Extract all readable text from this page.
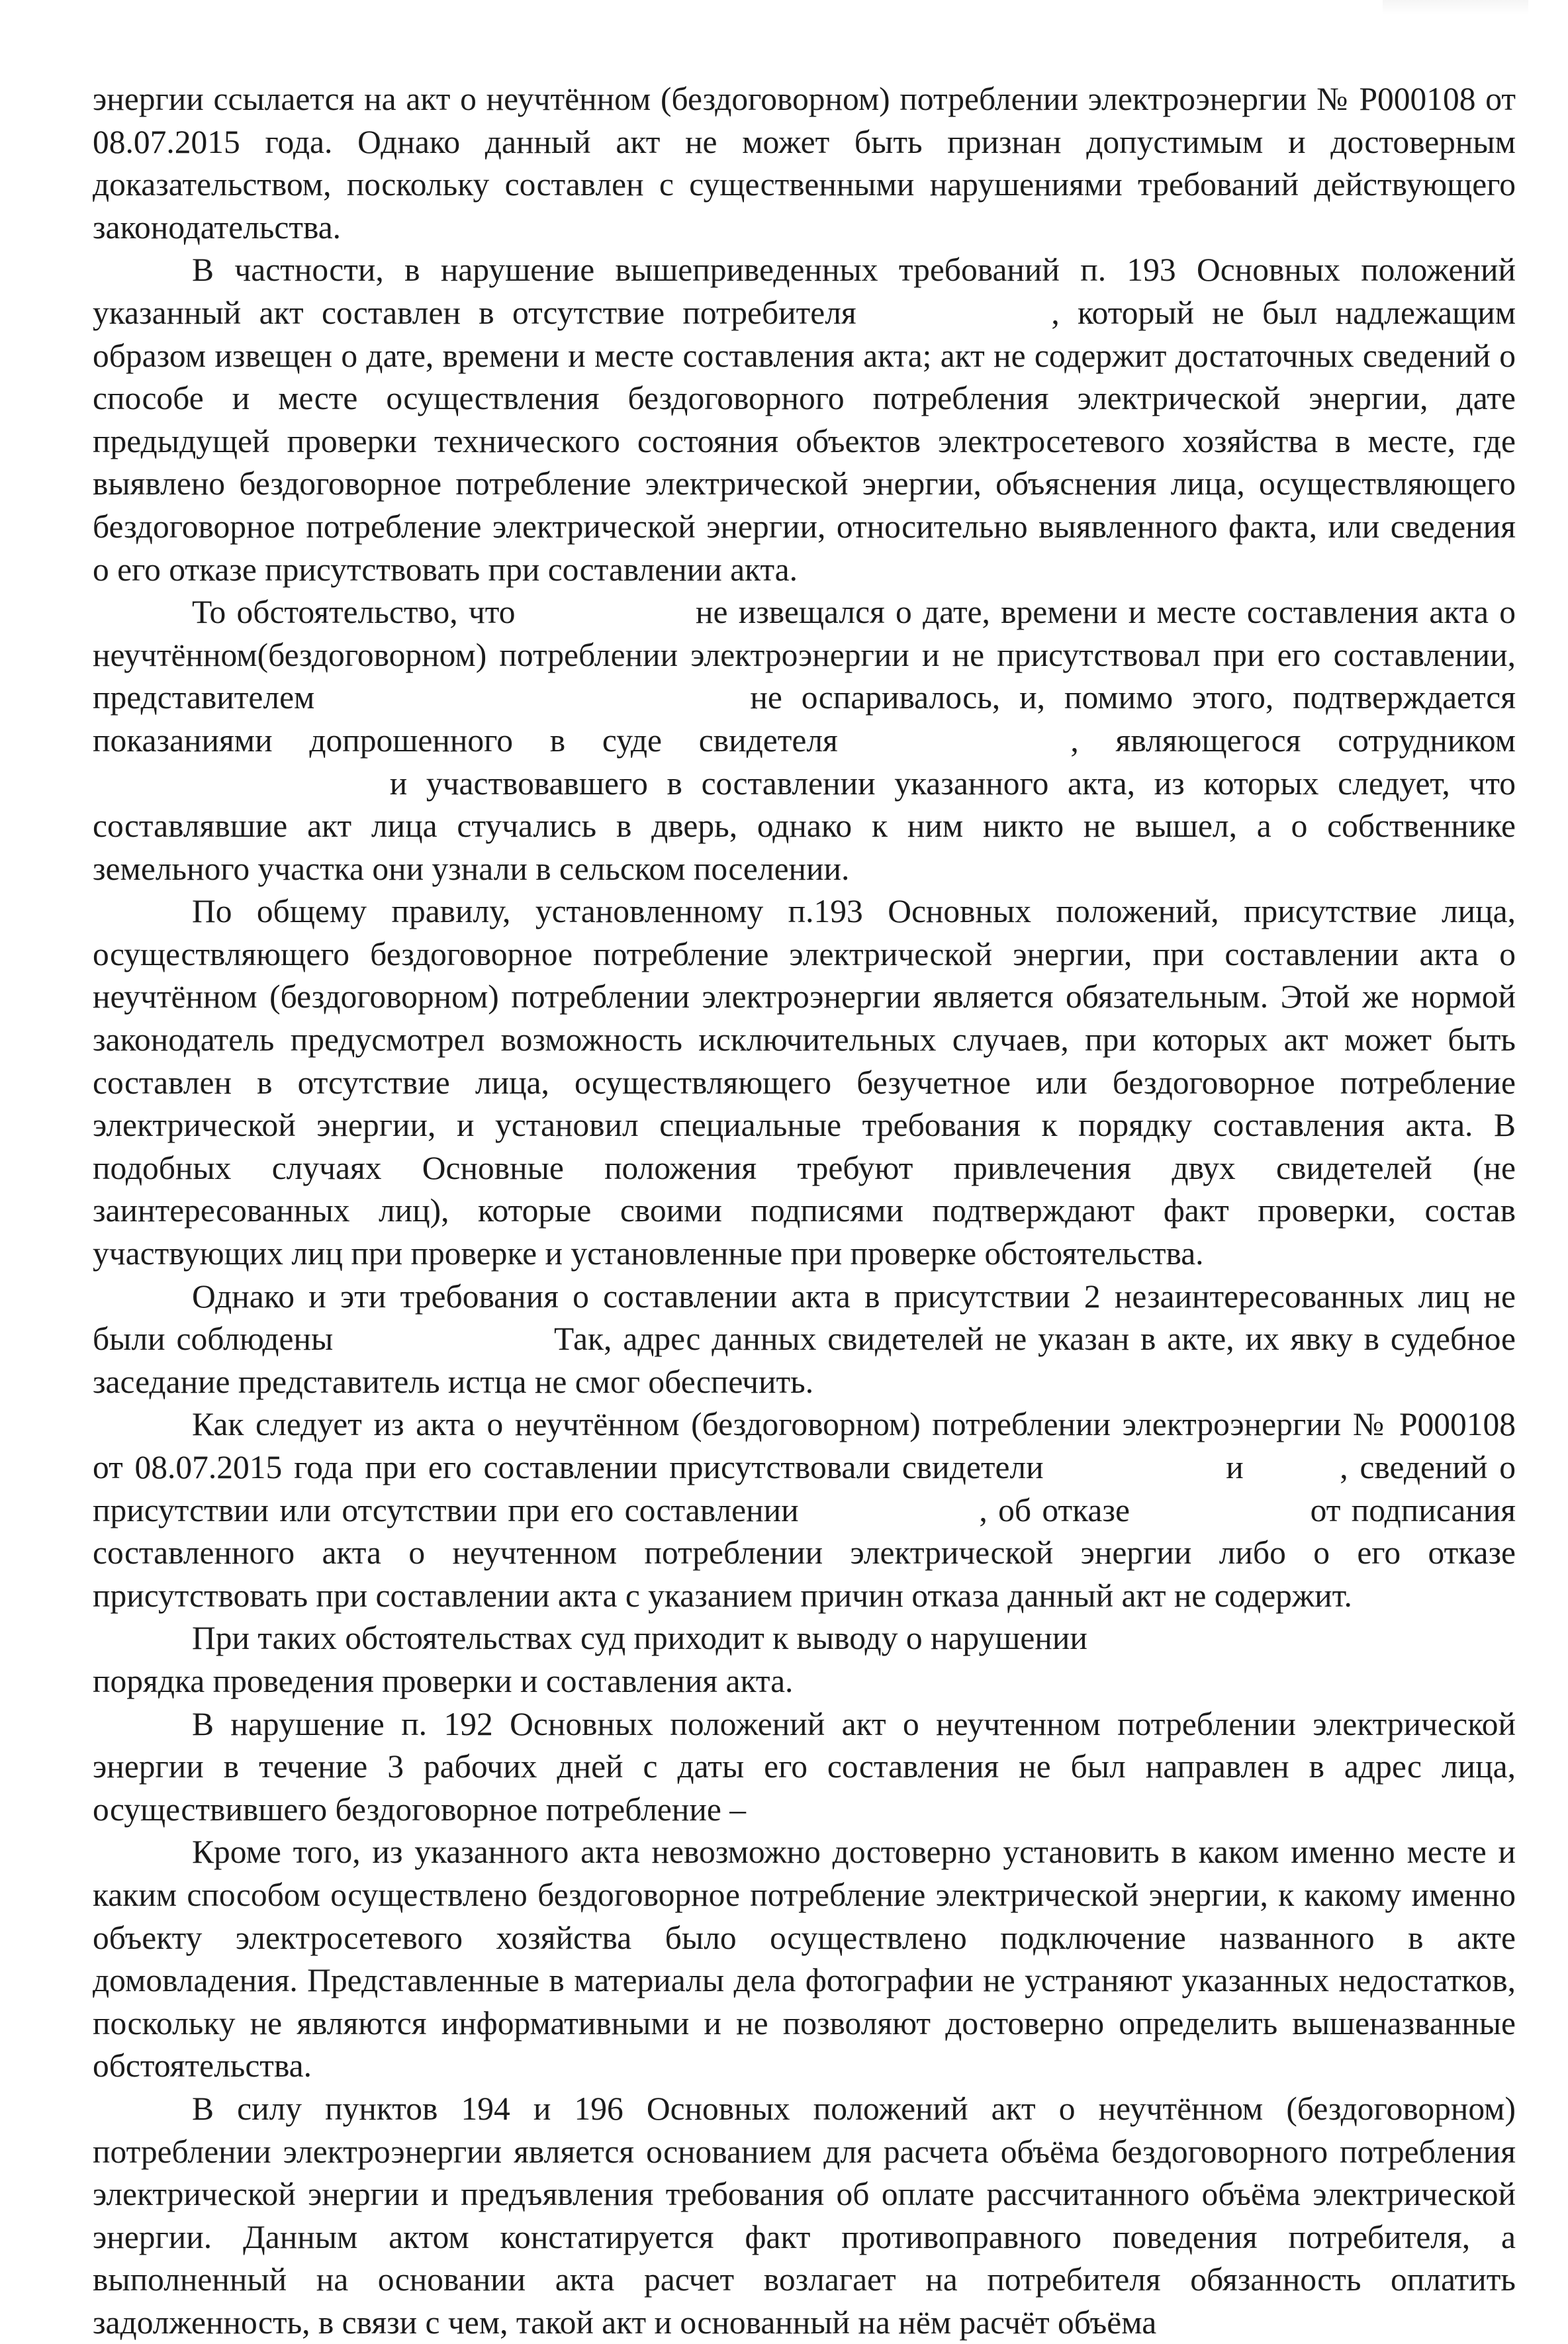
энергии ссылается на акт о неучтённом (бездоговорном) потреблении электроэнергии № Р000108 от 08.07.2015 года. Однако данный акт не может быть признан допустимым и достоверным доказательством, поскольку составлен с существенными нарушениями требований действующего законодательства.

В частности, в нарушение вышеприведенных требований п. 193 Основных положений указанный акт составлен в отсутствие потребителя	, который не был надлежащим образом извещен о дате, времени и месте составления акта; акт не содержит достаточных сведений о способе и месте осуществления бездоговорного потребления электрической энергии, дате предыдущей проверки технического состояния объектов электросетевого хозяйства в месте, где выявлено бездоговорное потребление электрической энергии, объяснения лица, осуществляющего бездоговорное потребление электрической энергии, относительно выявленного факта, или сведения о его отказе присутствовать при составлении акта.

То обстоятельство, что	не извещался о дате, времени и месте составления акта о неучтённом(бездоговорном) потреблении электроэнергии и не присутствовал при его составлении, представителем	не оспаривалось, и, помимо этого, подтверждается показаниями допрошенного в суде свидетеля	, являющегося сотрудником  и участвовавшего в составлении указанного акта, из которых следует, что составлявшие акт лица стучались в дверь, однако к ним никто не вышел, а о собственнике земельного участка они узнали в сельском поселении.

По общему правилу, установленному п.193 Основных положений, присутствие лица, осуществляющего бездоговорное потребление электрической энергии, при составлении акта о неучтённом (бездоговорном) потреблении электроэнергии является обязательным. Этой же нормой законодатель предусмотрел возможность исключительных случаев, при которых акт может быть составлен в отсутствие лица, осуществляющего безучетное или бездоговорное потребление электрической энергии, и установил специальные требования к порядку составления акта. В подобных случаях Основные положения требуют привлечения двух свидетелей (не заинтересованных лиц), которые своими подписями подтверждают факт проверки, состав участвующих лиц при проверке и установленные при проверке обстоятельства.

Однако и эти требования о составлении акта в присутствии 2 незаинтересованных лиц не были соблюдены	Так, адрес данных свидетелей не указан в акте, их явку в судебное заседание представитель истца не смог обеспечить.

Как следует из акта о неучтённом (бездоговорном) потреблении электроэнергии № Р000108 от 08.07.2015 года при его составлении присутствовали свидетели	и	, сведений о присутствии или отсутствии при его составлении	, об отказе	от подписания составленного акта о неучтенном потреблении электрической энергии либо о его отказе присутствовать при составлении акта с указанием причин отказа данный акт не содержит.

При таких обстоятельствах суд приходит к выводу о нарушении

порядка проведения проверки и составления акта.

В нарушение п. 192 Основных положений акт о неучтенном потреблении электрической энергии в течение 3 рабочих дней с даты его составления не был направлен в адрес лица, осуществившего бездоговорное потребление –

Кроме того, из указанного акта невозможно достоверно установить в каком именно месте и каким способом осуществлено бездоговорное потребление электрической энергии, к какому именно объекту электросетевого хозяйства было осуществлено подключение названного в акте домовладения. Представленные в материалы дела фотографии не устраняют указанных недостатков, поскольку не являются информативными и не позволяют достоверно определить вышеназванные обстоятельства.

В силу пунктов 194 и 196 Основных положений акт о неучтённом (бездоговорном) потреблении электроэнергии является основанием для расчета объёма бездоговорного потребления электрической энергии и предъявления требования об оплате рассчитанного объёма электрической энергии. Данным актом констатируется факт противоправного поведения потребителя, а выполненный на основании акта расчет возлагает на потребителя обязанность оплатить задолженность, в связи с чем, такой акт и основанный на нём расчёт объёма
